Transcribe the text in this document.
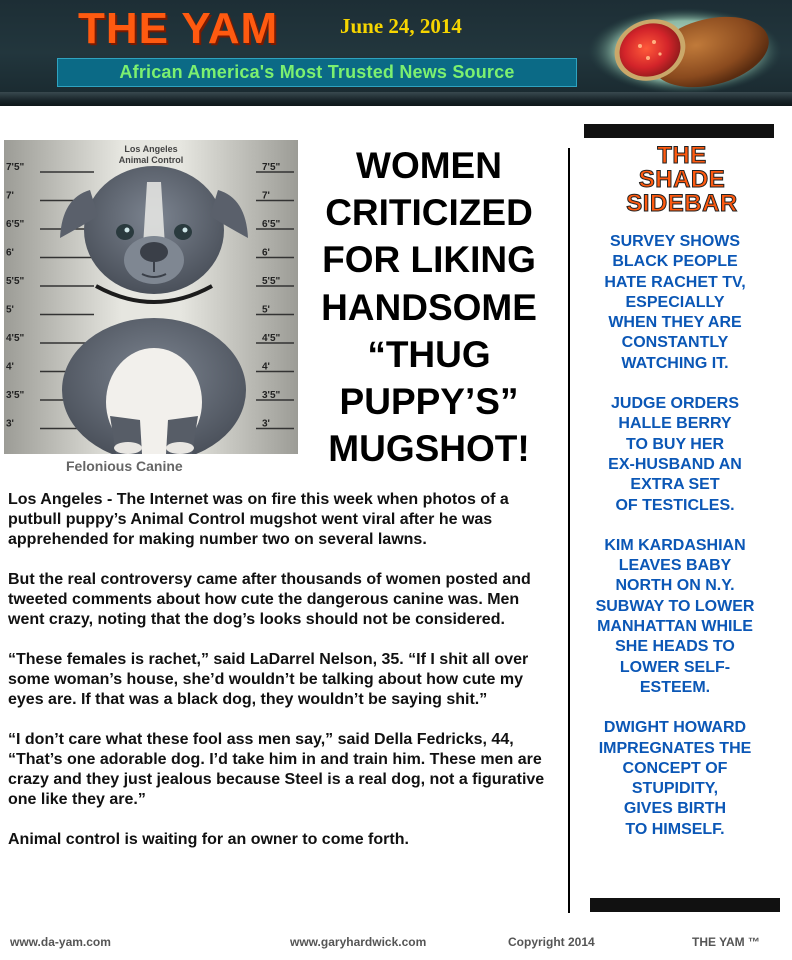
THE YAM	June 24, 2014
African America's Most Trusted News Source
7'5"	7'5"
7'	7'
6'5"	6'5"
6'	6'
5'5"	5'5"
5'	5'
4'5"	4'5"
4'	4'
3'5"	3'5"
3'	3'
Los Angeles
Animal Control
Felonious Canine
WOMEN
CRITICIZED
FOR LIKING
HANDSOME
“THUG
PUPPY’S”
MUGSHOT!

Los Angeles - The Internet was on fire this week when photos of a putbull puppy’s Animal Control mugshot went viral after he was apprehended for making number two on several lawns.

But the real controversy came after thousands of women posted and tweeted comments about how cute the dangerous canine was. Men went crazy, noting that the dog’s looks should not be considered.

“These females is rachet,” said LaDarrel Nelson, 35. “If I shit all over some woman’s house, she’d wouldn’t be talking about how cute my eyes are. If that was a black dog, they wouldn’t be saying shit.”

“I don’t care what these fool ass men say,” said Della Fedricks, 44, “That’s one adorable dog. I’d take him in and train him. These men are crazy and they just jealous because Steel is a real dog, not a figurative one like they are.”

Animal control is waiting for an owner to come forth.

THE
SHADE
SIDEBAR
SURVEY SHOWS
BLACK PEOPLE
HATE RACHET TV,
ESPECIALLY
WHEN THEY ARE
CONSTANTLY
WATCHING IT.
JUDGE ORDERS
HALLE BERRY
TO BUY HER
EX-HUSBAND AN
EXTRA SET
OF TESTICLES.
KIM KARDASHIAN
LEAVES BABY
NORTH ON N.Y.
SUBWAY TO LOWER
MANHATTAN WHILE
SHE HEADS TO
LOWER SELF-
ESTEEM.
DWIGHT HOWARD
IMPREGNATES THE
CONCEPT OF
STUPIDITY,
GIVES BIRTH
TO HIMSELF.
www.da-yam.com	www.garyhardwick.com	Copyright 2014	THE YAM ™
